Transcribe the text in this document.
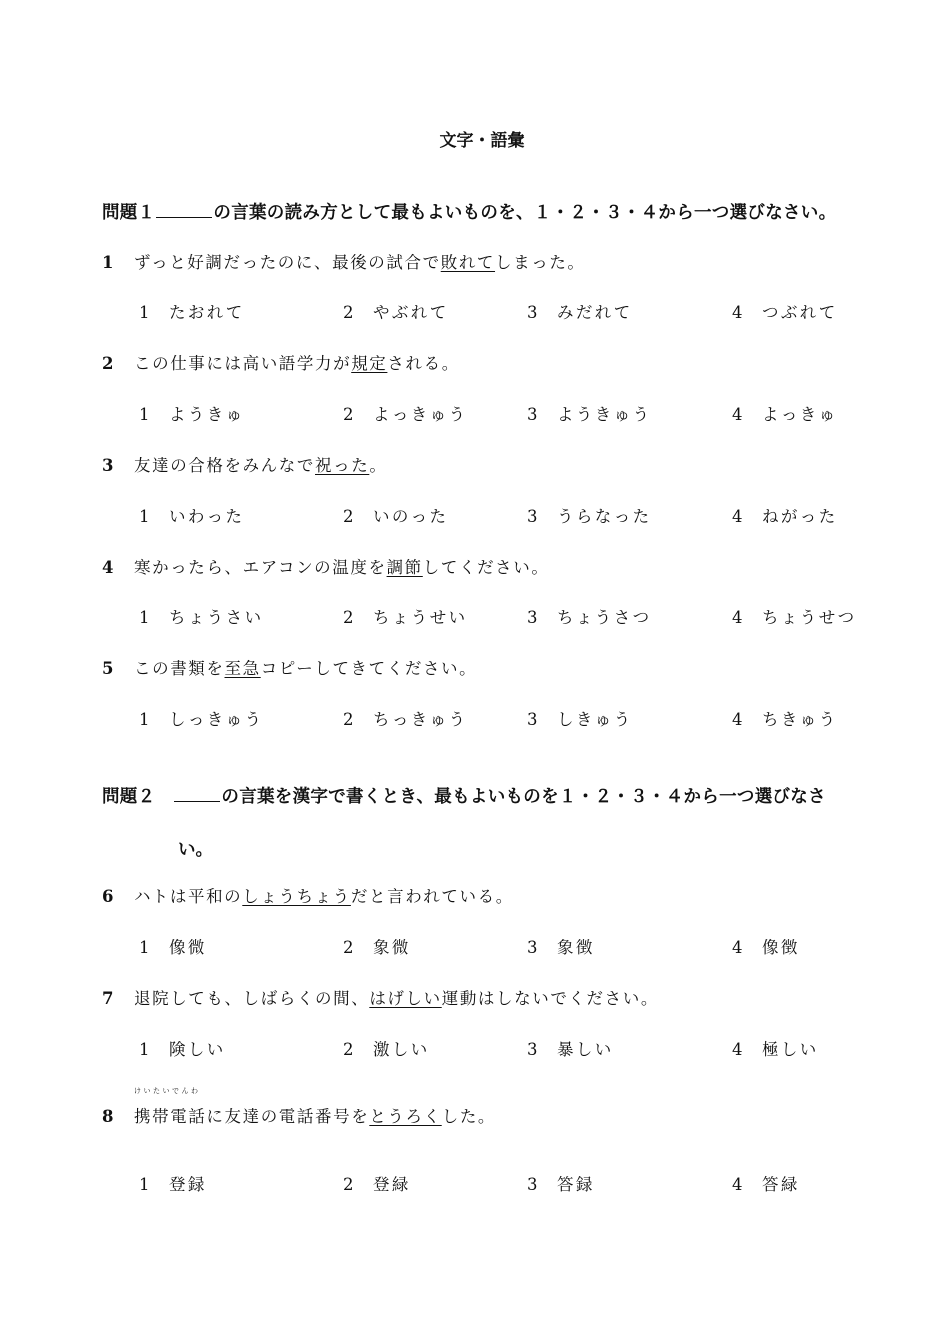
文字・語彙
問題１	の言葉の読み方として最もよいものを、１・２・３・４から一つ選びなさい。
1 ずっと好調だったのに、最後の試合で敗れてしまった。
1 たおれて	2 やぶれて	3 みだれて	4 つぶれて
2 この仕事には高い語学力が規定される。
1 ようきゅ	2 よっきゅう	3 ようきゅう	4 よっきゅ
3 友達の合格をみんなで祝った。
1 いわった	2 いのった	3 うらなった	4 ねがった
4 寒かったら、エアコンの温度を調節してください。
1 ちょうさい	2 ちょうせい	3 ちょうさつ	4 ちょうせつ
5 この書類を至急コピーしてきてください。
1 しっきゅう	2 ちっきゅう	3 しきゅう	4 ちきゅう
問題２	の言葉を漢字で書くとき、最もよいものを１・２・３・４から一つ選びなさ
い。
6 ハトは平和のしょうちょうだと言われている。
1 像微	2 象微	3 象徴	4 像徴
7 退院しても、しばらくの間、はげしい運動はしないでください。
1 険しい	2 激しい	3 暴しい	4 極しい
8
けいたいでんわ
携帯電話に友達の電話番号をとうろくした。
1 登録	2 登緑	3 答録	4 答緑
